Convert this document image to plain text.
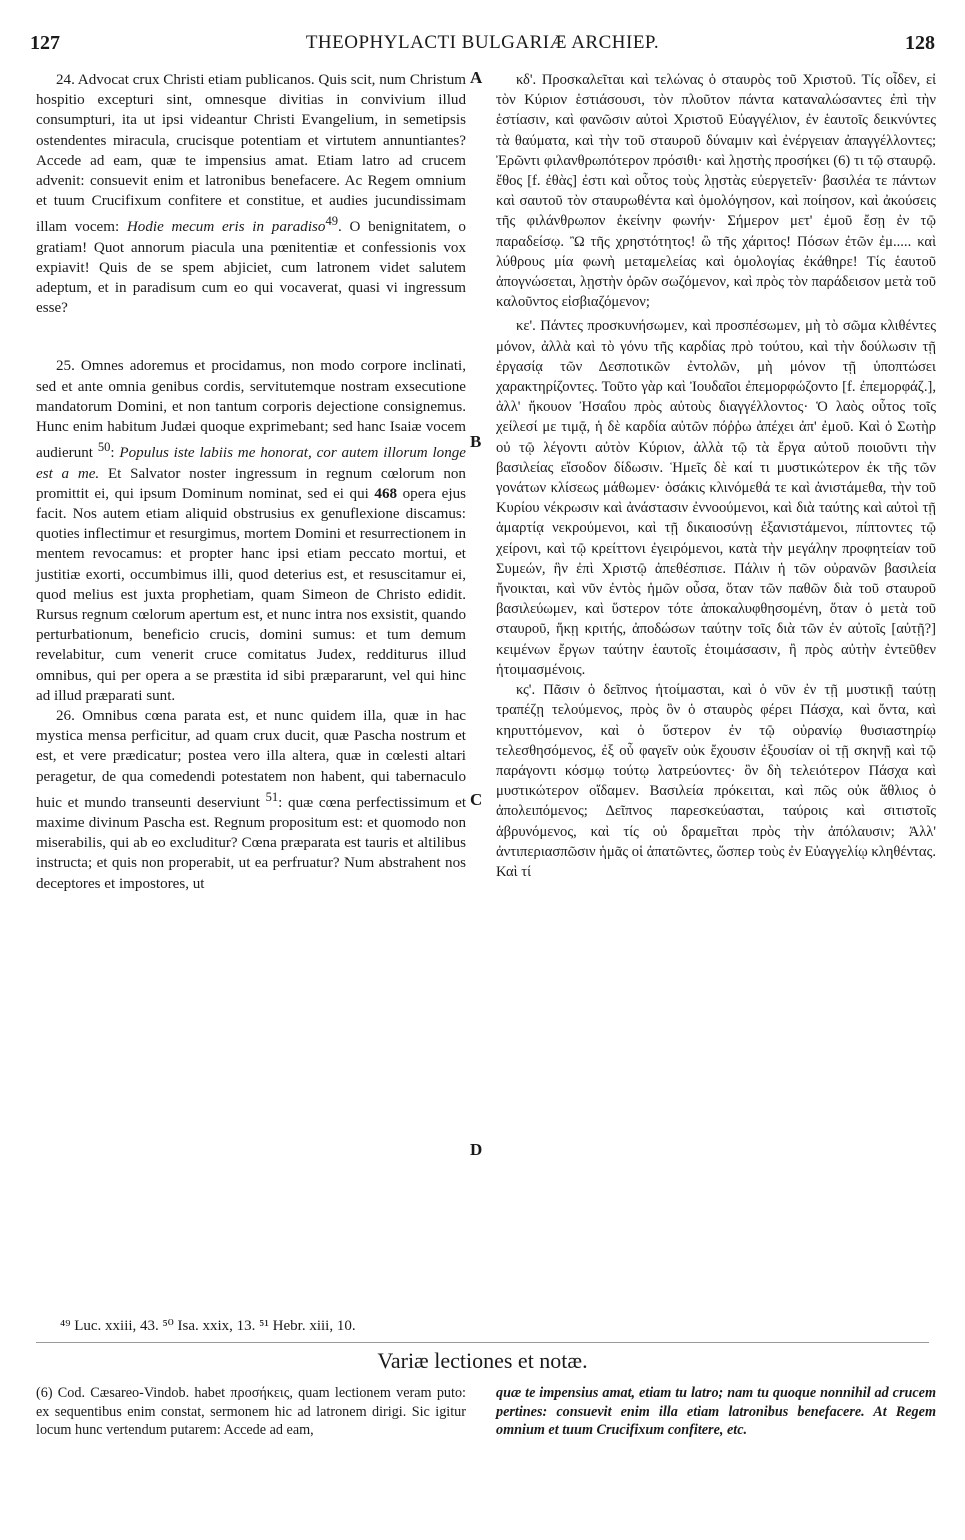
127	THEOPHYLACTI BULGARIÆ ARCHIEP.	128

24. Advocat crux Christi etiam publicanos. Quis scit, num Christum hospitio excepturi sint, omnesque divitias in convivium illud consumpturi, ita ut ipsi videantur Christi Evangelium, in semetipsis ostendentes miracula, crucisque potentiam et virtutem annuntiantes? Accede ad eam, quæ te impensius amat. Etiam latro ad crucem advenit: consuevit enim et latronibus benefacere. Ac Regem omnium et tuum Crucifixum confitere et constitue, et audies jucundissimam illam vocem: Hodie mecum eris in paradiso$^{49}$. O benignitatem, o gratiam! Quot annorum piacula una pœnitentiæ et confessionis vox expiavit! Quis de se spem abjiciet, cum latronem videt salutem adeptum, et in paradisum cum eo qui vocaverat, quasi vi ingressum esse?

25. Omnes adoremus et procidamus, non modo corpore inclinati, sed et ante omnia genibus cordis, servitutemque nostram exsecutione mandatorum Domini, et non tantum corporis dejectione consignemus. Hunc enim habitum Judæi quoque exprimebant; sed hanc Isaiæ vocem audierunt $^{50}$: Populus iste labiis me honorat, cor autem illorum longe est a me. Et Salvator noster ingressum in regnum cœlorum non promittit ei, qui ipsum Dominum nominat, sed ei qui 468 opera ejus facit. Nos autem etiam aliquid obstrusius ex genuflexione discamus: quoties inflectimur et resurgimus, mortem Domini et resurrectionem in mentem revocamus: et propter hanc ipsi etiam peccato mortui, et justitiæ exorti, occumbimus illi, quod deterius est, et resuscitamur ei, quod melius est juxta prophetiam, quam Simeon de Christo edidit. Rursus regnum cœlorum apertum est, et nunc intra nos exsistit, quando perturbationum, beneficio crucis, domini sumus: et tum demum revelabitur, cum venerit cruce comitatus Judex, redditurus illud omnibus, qui per opera a se præstita id sibi præpararunt, vel qui hinc ad illud præparati sunt.

26. Omnibus cœna parata est, et nunc quidem illa, quæ in hac mystica mensa perficitur, ad quam crux ducit, quæ Pascha nostrum et est, et vere prædicatur; postea vero illa altera, quæ in cœlesti altari peragetur, de qua comedendi potestatem non habent, qui tabernaculo huic et mundo transeunti deserviunt $^{51}$: quæ cœna perfectissimum et maxime divinum Pascha est. Regnum propositum est: et quomodo non miserabilis, qui ab eo excluditur? Cœna præparata est tauris et altilibus instructa; et quis non properabit, ut ea perfruatur? Num abstrahent nos deceptores et impostores, ut

A
B
C
D

κδ'. Προσκαλεῖται καὶ τελώνας ὁ σταυρὸς τοῦ Χριστοῦ. Τίς οἶδεν, εἰ τὸν Κύριον ἑστιάσουσι, τὸν πλοῦτον πάντα καταναλώσαντες ἐπὶ τὴν ἑστίασιν, καὶ φανῶσιν αὐτοὶ Χριστοῦ Εὐαγγέλιον, ἐν ἑαυτοῖς δεικνύντες τὰ θαύματα, καὶ τὴν τοῦ σταυροῦ δύναμιν καὶ ἐνέργειαν ἀπαγγέλλοντες; Ἐρῶντι φιλανθρωπότερον πρόσιθι· καὶ λῃστὴς προσήκει (6) τι τῷ σταυρῷ. ἔθος [f. ἐθὰς] ἐστι καὶ οὗτος τοὺς λῃστὰς εὐεργετεῖν· βασιλέα τε πάντων καὶ σαυτοῦ τὸν σταυρωθέντα καὶ ὁμολόγησον, καὶ ποίησον, καὶ ἀκούσεις τῆς φιλάνθρωπον ἐκείνην φωνήν· Σήμερον μετ' ἐμοῦ ἔσῃ ἐν τῷ παραδείσῳ. Ὢ τῆς χρηστότητος! ὢ τῆς χάριτος! Πόσων ἐτῶν ἐμ..... καὶ λύθρους μία φωνὴ μεταμελείας καὶ ὁμολογίας ἐκάθηρε! Τίς ἑαυτοῦ ἀπογνώσεται, λῃστὴν ὁρῶν σωζόμενον, καὶ πρὸς τὸν παράδεισον μετὰ τοῦ καλοῦντος εἰσβιαζόμενον;

κε'. Πάντες προσκυνήσωμεν, καὶ προσπέσωμεν, μὴ τὸ σῶμα κλιθέντες μόνον, ἀλλὰ καὶ τὸ γόνυ τῆς καρδίας πρὸ τούτου, καὶ τὴν δούλωσιν τῇ ἐργασίᾳ τῶν Δεσποτικῶν ἐντολῶν, μὴ μόνον τῇ ὑποπτώσει χαρακτηρίζοντες. Τοῦτο γὰρ καὶ Ἰουδαῖοι ἐπεμορφώζοντο [f. ἐπεμορφάζ.], ἀλλ' ἤκουον Ἠσαΐου πρὸς αὐτοὺς διαγγέλλοντος· Ὁ λαὸς οὗτος τοῖς χείλεσί με τιμᾷ, ἡ δὲ καρδία αὐτῶν πόῤῥω ἀπέχει ἀπ' ἐμοῦ. Καὶ ὁ Σωτὴρ οὐ τῷ λέγοντι αὐτὸν Κύριον, ἀλλὰ τῷ τὰ ἔργα αὐτοῦ ποιοῦντι τὴν βασιλείας εἴσοδον δίδωσιν. Ἡμεῖς δὲ καί τι μυστικώτερον ἐκ τῆς τῶν γονάτων κλίσεως μάθωμεν· ὁσάκις κλινόμεθά τε καὶ ἀνιστάμεθα, τὴν τοῦ Κυρίου νέκρωσιν καὶ ἀνάστασιν ἐννοούμενοι, καὶ διὰ ταύτης καὶ αὐτοὶ τῇ ἁμαρτίᾳ νεκρούμενοι, καὶ τῇ δικαιοσύνῃ ἐξανιστάμενοι, πίπτοντες τῷ χείρονι, καὶ τῷ κρείττονι ἐγειρόμενοι, κατὰ τὴν μεγάλην προφητείαν τοῦ Συμεών, ἣν ἐπὶ Χριστῷ ἀπεθέσπισε. Πάλιν ἡ τῶν οὐρανῶν βασιλεία ἤνοικται, καὶ νῦν ἐντὸς ἡμῶν οὖσα, ὅταν τῶν παθῶν διὰ τοῦ σταυροῦ βασιλεύωμεν, καὶ ὕστερον τότε ἀποκαλυφθησομένη, ὅταν ὁ μετὰ τοῦ σταυροῦ, ἥκῃ κριτής, ἀποδώσων ταύτην τοῖς διὰ τῶν ἐν αὐτοῖς [αὐτῇ?] κειμένων ἔργων ταύτην ἑαυτοῖς ἑτοιμάσασιν, ἢ πρὸς αὐτὴν ἐντεῦθεν ἡτοιμασμένοις.

κς'. Πᾶσιν ὁ δεῖπνος ἡτοίμασται, καὶ ὁ νῦν ἐν τῇ μυστικῇ ταύτῃ τραπέζῃ τελούμενος, πρὸς ὃν ὁ σταυρὸς φέρει Πάσχα, καὶ ὄντα, καὶ κηρυττόμενον, καὶ ὁ ὕστερον ἐν τῷ οὐρανίῳ θυσιαστηρίῳ τελεσθησόμενος, ἐξ οὗ φαγεῖν οὐκ ἔχουσιν ἐξουσίαν οἱ τῇ σκηνῇ καὶ τῷ παράγοντι κόσμῳ τούτῳ λατρεύοντες· ὃν δὴ τελειότερον Πάσχα καὶ μυστικώτερον οἴδαμεν. Βασιλεία πρόκειται, καὶ πῶς οὐκ ἄθλιος ὁ ἀπολειπόμενος; Δεῖπνος παρεσκεύασται, ταύροις καὶ σιτιστοῖς ἁβρυνόμενος, καὶ τίς οὐ δραμεῖται πρὸς τὴν ἀπόλαυσιν; Ἀλλ' ἀντιπεριασπῶσιν ἡμᾶς οἱ ἀπατῶντες, ὥσπερ τοὺς ἐν Εὐαγγελίῳ κληθέντας. Καὶ τί

⁴⁹ Luc. xxiii, 43. ⁵⁰ Isa. xxix, 13. ⁵¹ Hebr. xiii, 10.
Variæ lectiones et notæ.
(6) Cod. Cæsareo-Vindob. habet προσήκεις, quam lectionem veram puto: ex sequentibus enim constat, sermonem hic ad latronem dirigi. Sic igitur locum hunc vertendum putarem: Accede ad eam,
quæ te impensius amat, etiam tu latro; nam tu quoque nonnihil ad crucem pertines: consuevit enim illa etiam latronibus benefacere. At Regem omnium et tuum Crucifixum confitere, etc.
